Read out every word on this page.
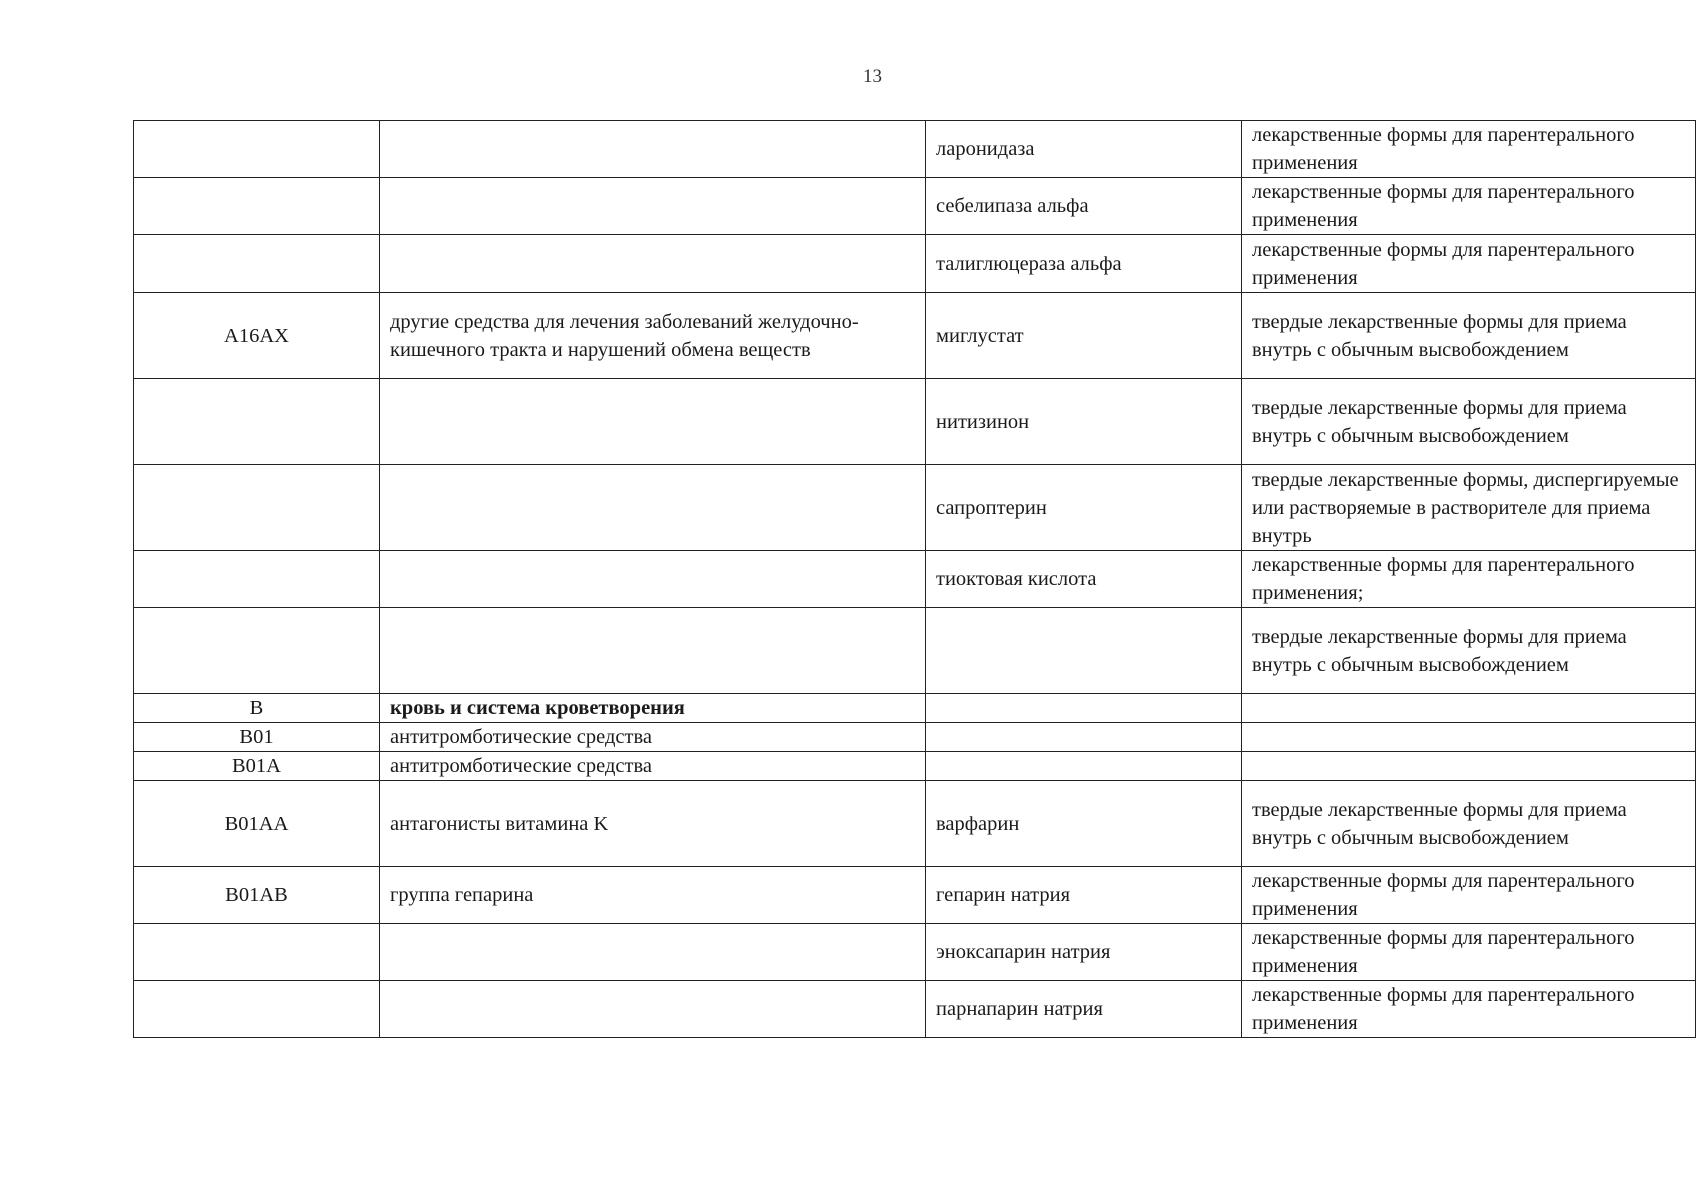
13
		ларонидаза	лекарственные формы для парентерального применения
		себелипаза альфа	лекарственные формы для парентерального применения
		талиглюцераза альфа	лекарственные формы для парентерального применения
A16AX	другие средства для лечения заболеваний желудочно-кишечного тракта и нарушений обмена веществ	миглустат	твердые лекарственные формы для приема внутрь с обычным высвобождением
		нитизинон	твердые лекарственные формы для приема внутрь с обычным высвобождением
		сапроптерин	твердые лекарственные формы, диспергируемые или растворяемые в растворителе для приема внутрь
		тиоктовая кислота	лекарственные формы для парентерального применения;
			твердые лекарственные формы для приема внутрь с обычным высвобождением
B	кровь и система кроветворения		
B01	антитромботические средства		
B01A	антитромботические средства		
B01AA	антагонисты витамина K	варфарин	твердые лекарственные формы для приема внутрь с обычным высвобождением
B01AB	группа гепарина	гепарин натрия	лекарственные формы для парентерального применения
		эноксапарин натрия	лекарственные формы для парентерального применения
		парнапарин натрия	лекарственные формы для парентерального применения
